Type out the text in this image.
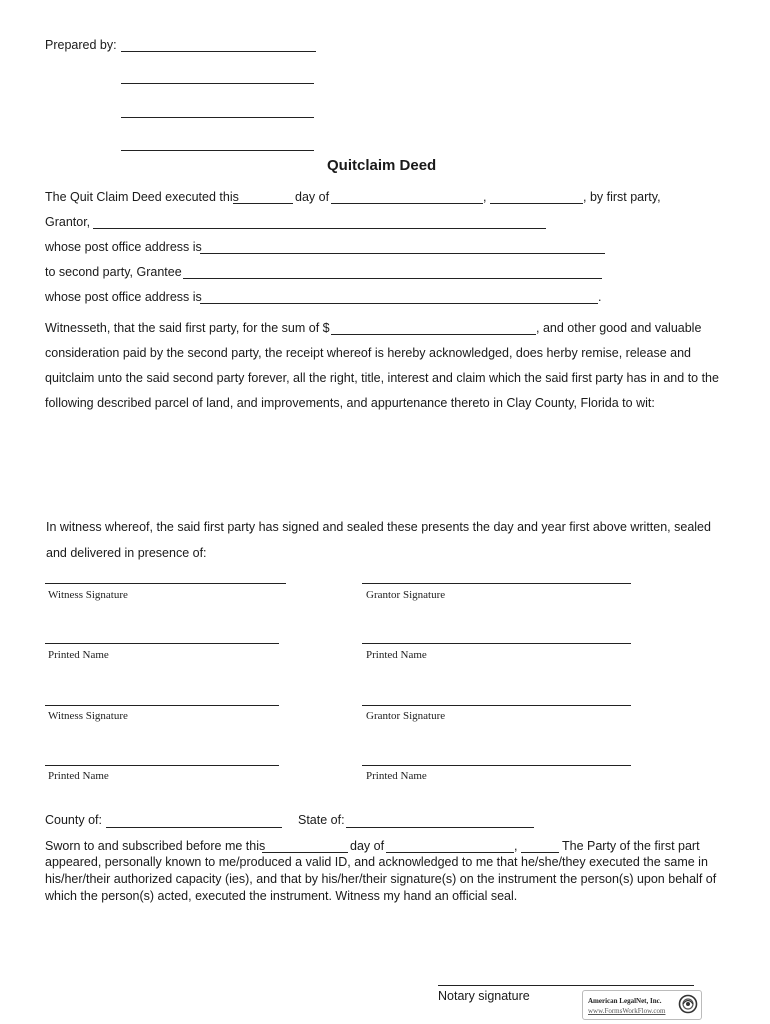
Prepared by:
Quitclaim Deed
The Quit Claim Deed executed this	day of	,	, by first party,
Grantor,
whose post office address is
to second party, Grantee
whose post office address is	.
Witnesseth, that the said first party, for the sum of $	, and other good and valuable
consideration paid by the second party, the receipt whereof is hereby acknowledged, does herby remise, release and
quitclaim unto the said second party forever, all the right, title, interest and claim which the said first party has in and to the
following described parcel of land, and improvements, and appurtenance thereto in Clay County, Florida to wit:
In witness whereof, the said first party has signed and sealed these presents the day and year first above written, sealed
and delivered in presence of:
Witness Signature	Grantor Signature
Printed Name	Printed Name
Witness Signature	Grantor Signature
Printed Name	Printed Name
County of:	State of:
Sworn to and subscribed before me this	day of	,	The Party of the first part
appeared, personally known to me/produced a valid ID, and acknowledged to me that he/she/they executed the same in
his/her/their authorized capacity (ies), and that by his/her/their signature(s) on the instrument the person(s) upon behalf of
which the person(s) acted, executed the instrument. Witness my hand an official seal.
Notary signature	American LegalNet, Inc.
www.FormsWorkFlow.com
